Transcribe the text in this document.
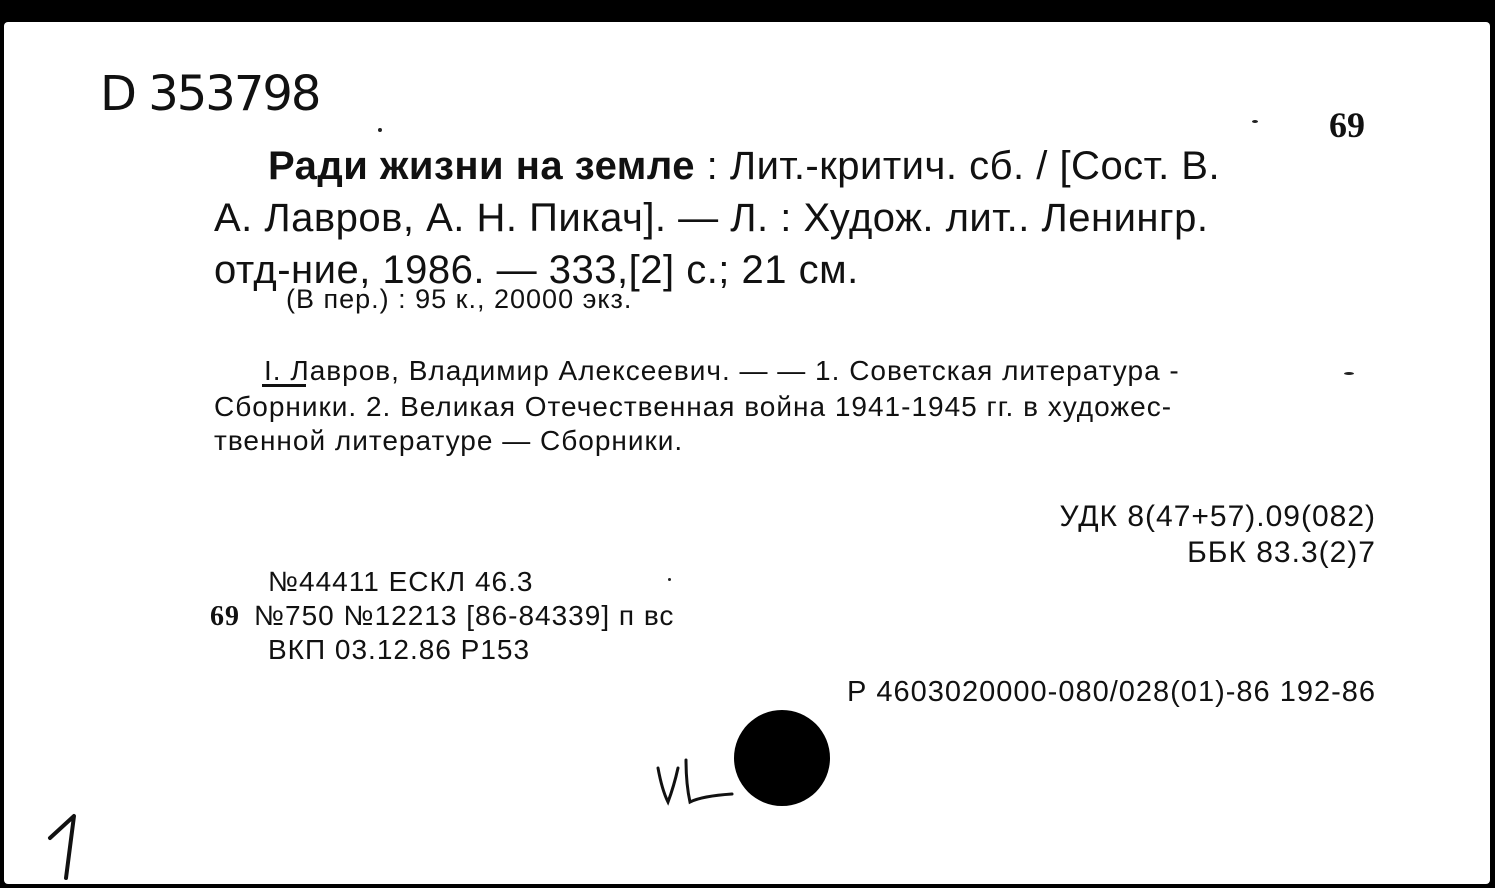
D 353798
69
Ради жизни на земле : Лит.-критич. сб. / [Сост. В.
А. Лавров, А. Н. Пикач]. — Л. : Худож. лит.. Ленингр.
отд-ние, 1986. — 333,[2] с.; 21 см.
(В пер.) : 95 к., 20000 экз.
I. Лавров, Владимир Алексеевич. — — 1. Советская литература -
Сборники. 2. Великая Отечественная война 1941-1945 гг. в художес-
твенной литературе — Сборники.
УДК 8(47+57).09(082)
ББК 83.3(2)7
№44411 ЕСКЛ 46.3
69 №750 №12213 [86-84339] п вс
ВКП 03.12.86 Р153
Р 4603020000-080/028(01)-86 192-86
